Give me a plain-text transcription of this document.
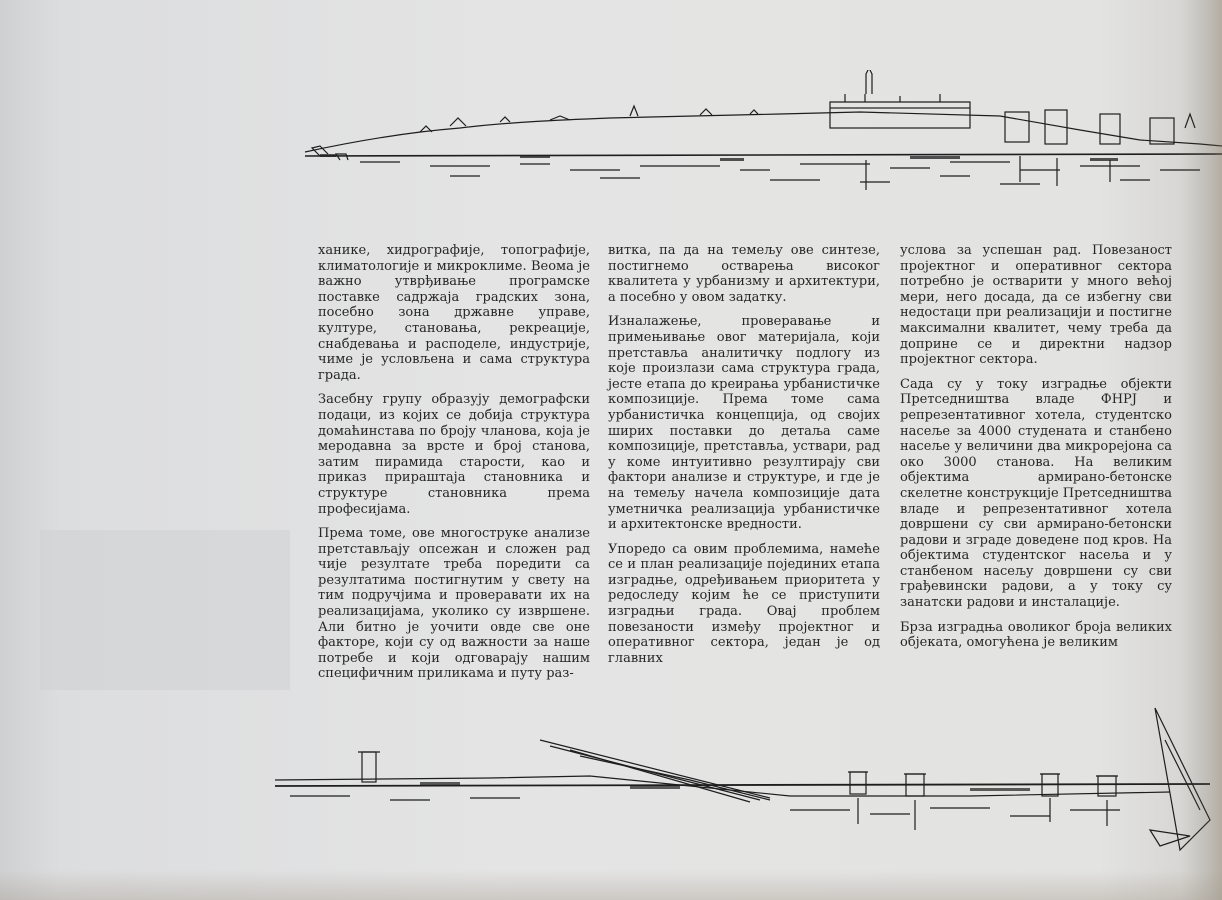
ханике, хидрографије, топографије, климатологије и микроклиме. Веома је важно утврђивање програмске поставке садржаја градских зона, посебно зона државне управе, културе, становања, рекреације, снабдевања и расподеле, индустрије, чиме је условљена и сама структура града.

Засебну групу образују демографски подаци, из којих се добија структура домаћинстава по броју чланова, која је меродавна за врсте и број станова, затим пирамида старости, као и прикaз прираштаја становника и структуре становника према професијама.

Према томе, ове многоструке анализе претстављају опсежан и сложен рад чије резултате треба поредити са резултатима постигнутим у свету на тим подручјима и проверавати их на реализацијама, уколико су извршене. Али битно је уочити овде све оне факторе, који су од важности за наше потребе и који одговарају нашим специфичним приликама и путу раз-

витка, па да на темељу ове синтезе, постигнемо остварења високог квалитета у урбанизму и архитектури, а посебно у овом задатку.

Изналажење, проверавање и примењивање овог материјала, који претставља аналитичку подлогу из које произлази сама структура града, јесте етапа до креирања урбанистичке композиције. Према томе сама урбанистичка концепција, од својих ширих поставки до детаља саме композиције, претставља, уствари, рад у коме интуитивно резултирају сви фактори анализе и структуре, и где је на темељу начела композиције дата уметничка реализација урбанистичке и архитектонске вредности.

Упоредо са овим проблемима, намеће се и план реализације појединих етапа изградње, одређивањем приоритета у редоследу којим ће се приступити изградњи града. Овај проблем повезаности између пројектног и оперативног сектора, један је од главних

услова за успешан рад. Повезаност пројектног и оперативног сектора потребно је остварити у много већој мери, него досада, да се избегну сви недостаци при реализацији и постигне максимални квалитет, чему треба да доприне се и директни надзор пројектног сектора.

Сада су у току изградње објекти Претседништва владе ФНРЈ и репрезентативног хотела, студентско насеље за 4000 студената и станбено насеље у величини два микрорејона са око 3000 станова. На великим објектима армирано-бетонске скелетне конструкције Претседништва владе и репрезентативног хотела довршени су сви армирано-бетонски радови и зграде доведене под кров. На објектима студентског насеља и у станбеном насељу довршени су сви грађевински радови, а у току су занатски радови и инсталације.

Брза изградња оволиког броја великих објеката, омогућена је великим
